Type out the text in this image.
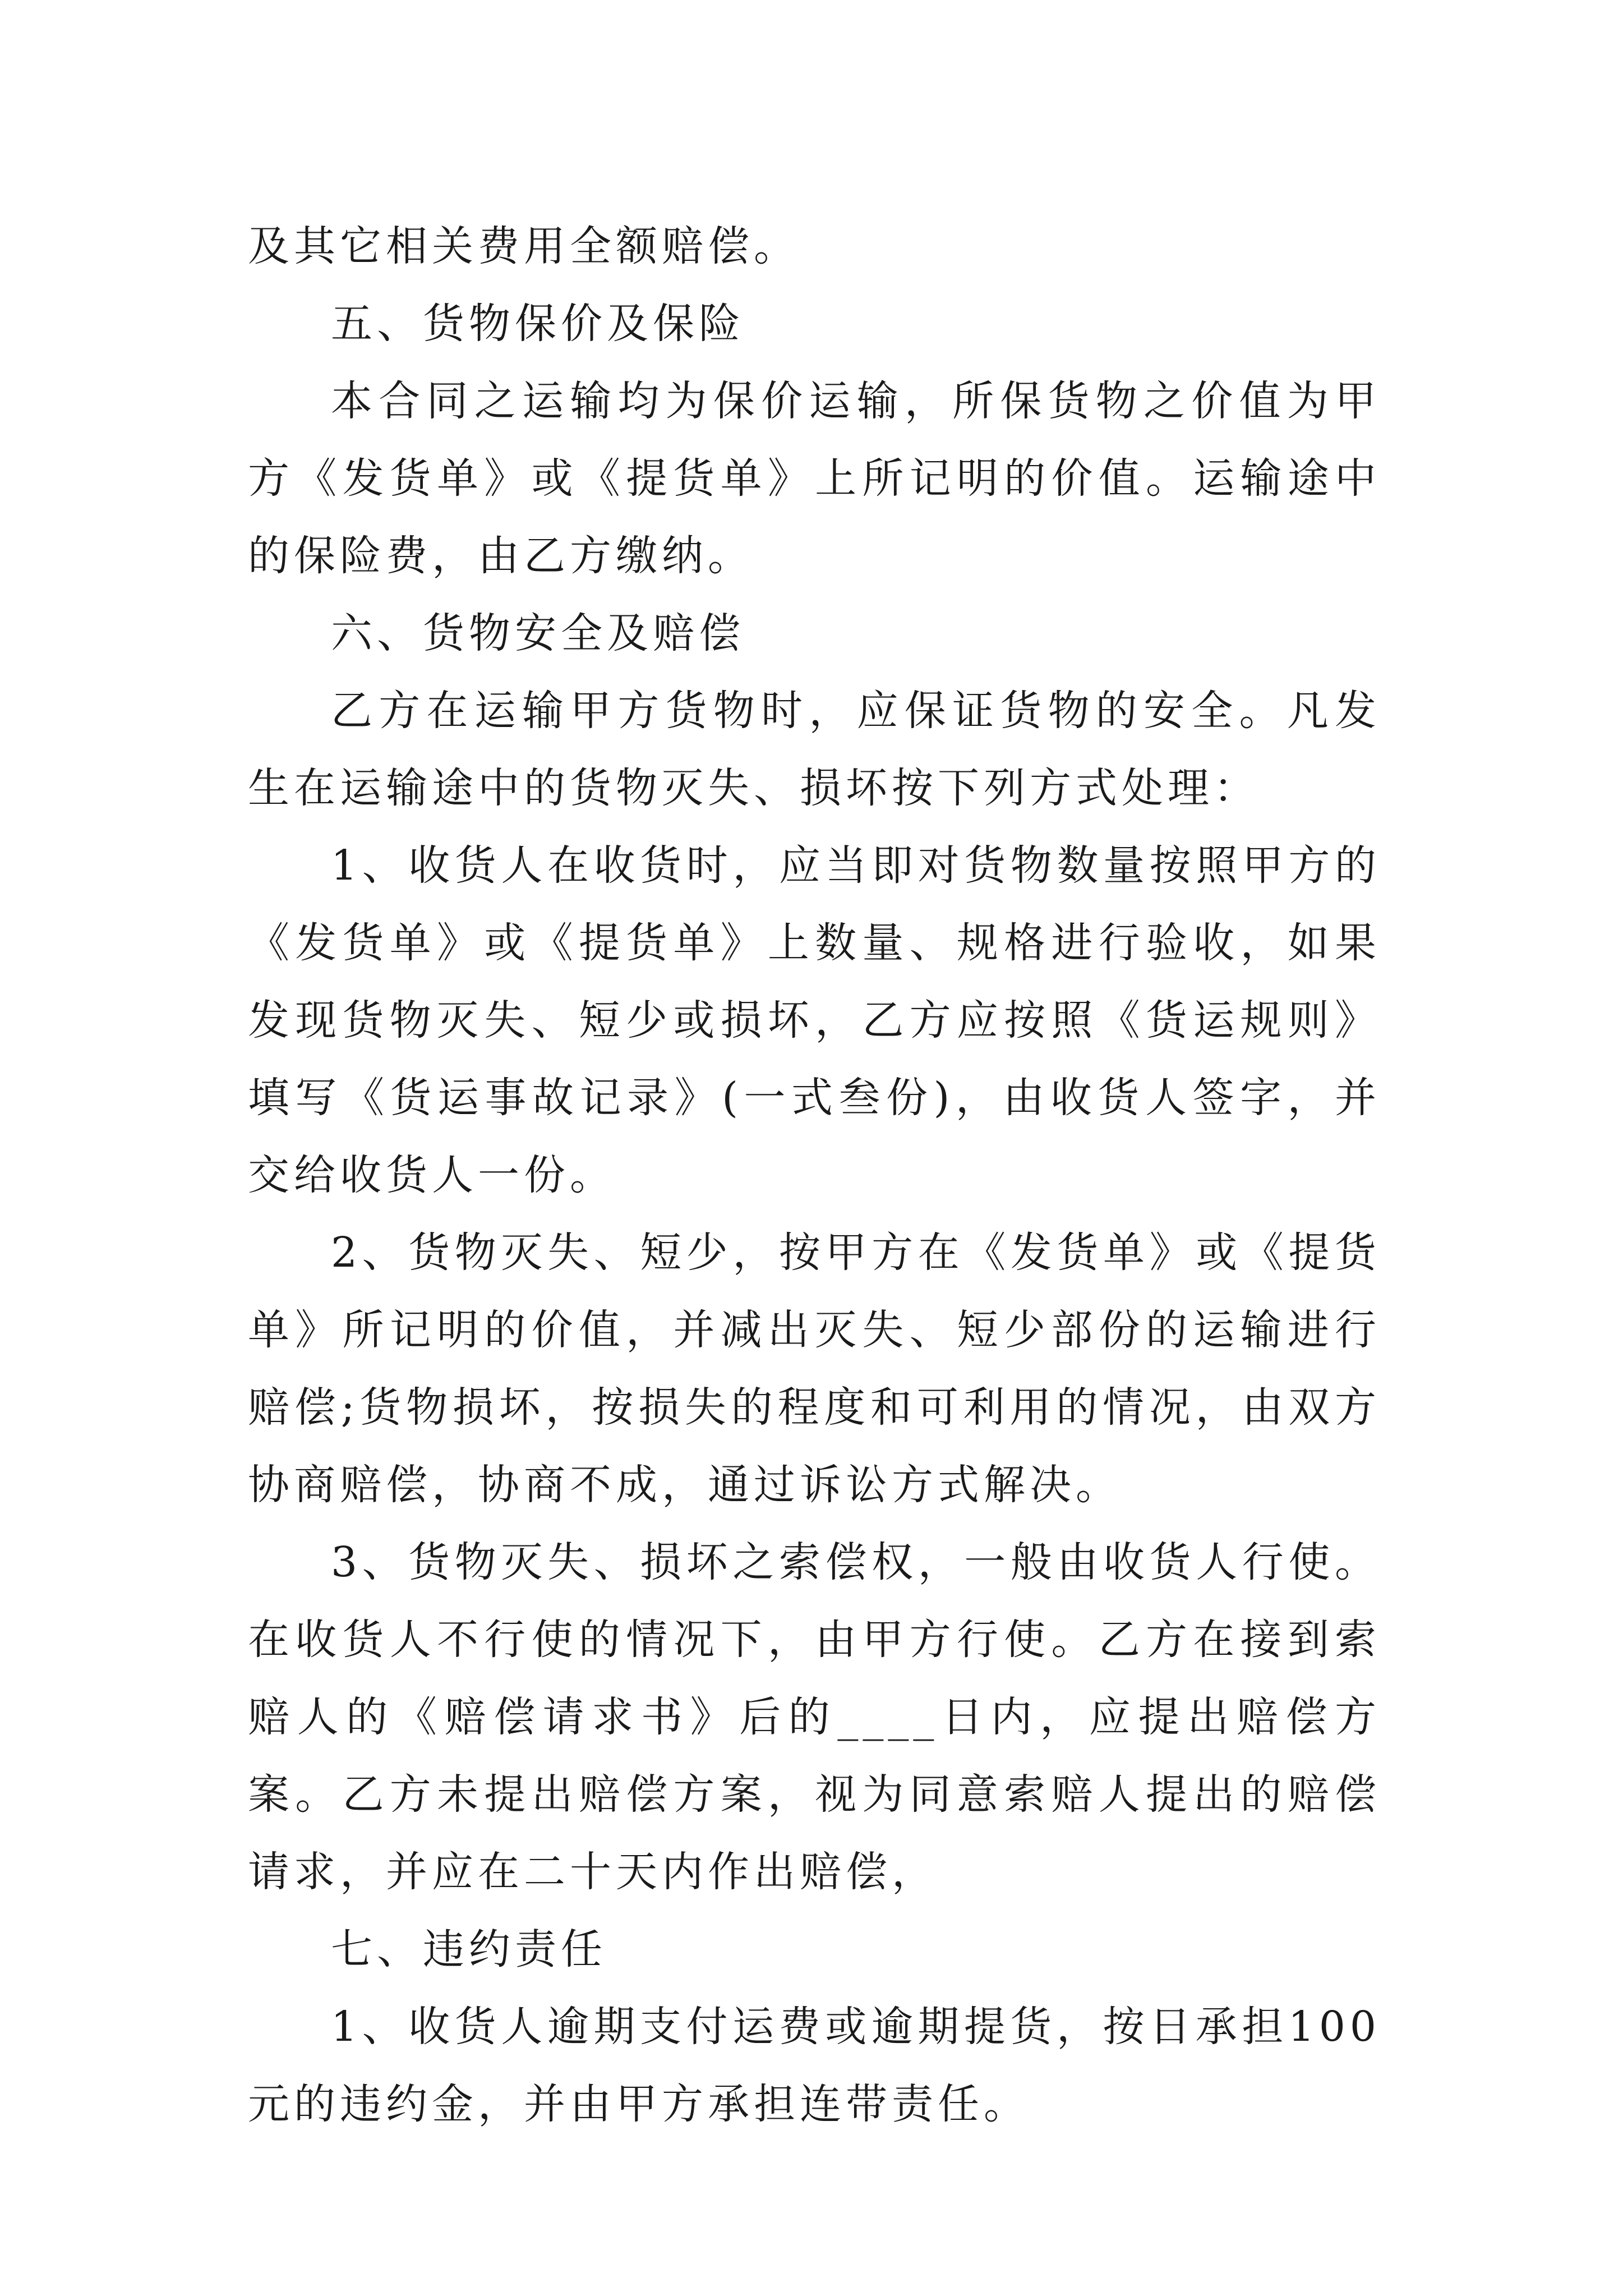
及其它相关费用全额赔偿。

五、货物保价及保险

本合同之运输均为保价运输，所保货物之价值为甲方《发货单》或《提货单》上所记明的价值。运输途中的保险费，由乙方缴纳。

六、货物安全及赔偿

乙方在运输甲方货物时，应保证货物的安全。凡发生在运输途中的货物灭失、损坏按下列方式处理：

1、收货人在收货时，应当即对货物数量按照甲方的《发货单》或《提货单》上数量、规格进行验收，如果发现货物灭失、短少或损坏，乙方应按照《货运规则》填写《货运事故记录》(一式叁份)，由收货人签字，并交给收货人一份。

2、货物灭失、短少，按甲方在《发货单》或《提货单》所记明的价值，并减出灭失、短少部份的运输进行赔偿;货物损坏，按损失的程度和可利用的情况，由双方协商赔偿，协商不成，通过诉讼方式解决。

3、货物灭失、损坏之索偿权，一般由收货人行使。在收货人不行使的情况下，由甲方行使。乙方在接到索赔人的《赔偿请求书》后的____日内，应提出赔偿方案。乙方未提出赔偿方案，视为同意索赔人提出的赔偿请求，并应在二十天内作出赔偿，

七、违约责任

1、收货人逾期支付运费或逾期提货，按日承担100元的违约金，并由甲方承担连带责任。
